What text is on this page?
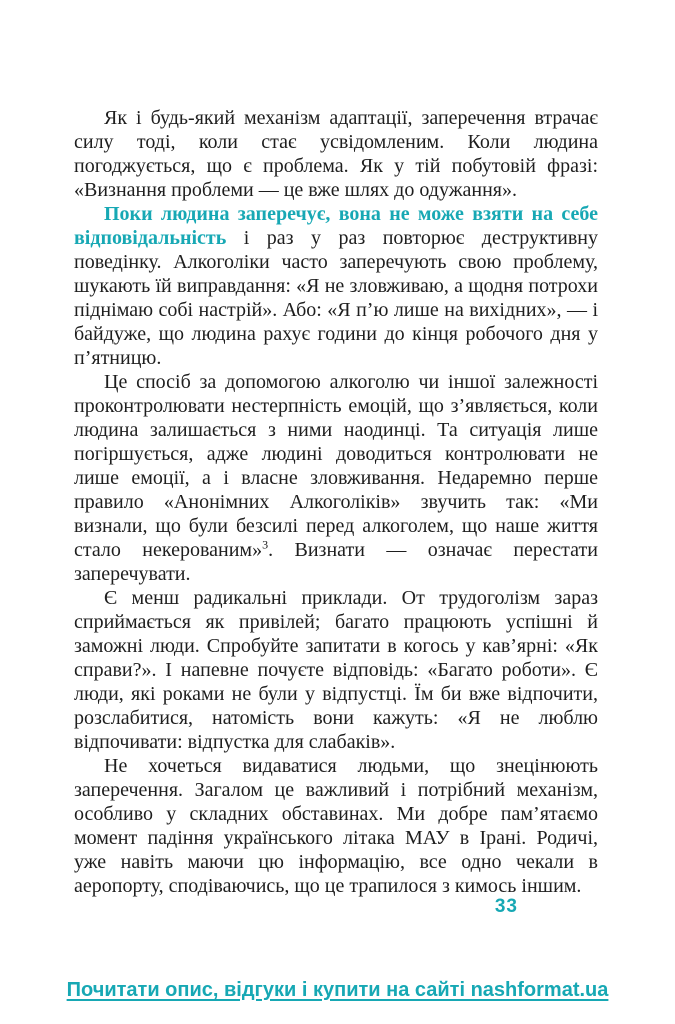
Як і будь-який механізм адаптації, заперечення втрачає силу тоді, коли стає усвідомленим. Коли людина погоджується, що є проблема. Як у тій побутовій фразі: «Визнання проблеми — це вже шлях до одужання».

Поки людина заперечує, вона не може взяти на себе відповідальність і раз у раз повторює деструктивну поведінку. Алкоголіки часто заперечують свою проблему, шукають їй виправдання: «Я не зловживаю, а щодня потрохи піднімаю собі настрій». Або: «Я п’ю лише на вихідних», — і байдуже, що людина рахує години до кінця робочого дня у п’ятницю.

Це спосіб за допомогою алкоголю чи іншої залежності проконтролювати нестерпність емоцій, що з’являється, коли людина залишається з ними наодинці. Та ситуація лише погіршується, адже людині доводиться контролювати не лише емоції, а і власне зловживання. Недаремно перше правило «Анонімних Алкоголіків» звучить так: «Ми визнали, що були безсилі перед алкоголем, що наше життя стало некерованим»$^3$. Визнати — означає перестати заперечувати.

Є менш радикальні приклади. От трудоголізм зараз сприймається як привілей; багато працюють успішні й заможні люди. Спробуйте запитати в когось у кав’ярні: «Як справи?». І напевне почуєте відповідь: «Багато роботи». Є люди, які роками не були у відпустці. Їм би вже відпочити, розслабитися, натомість вони кажуть: «Я не люблю відпочивати: відпустка для слабаків».

Не хочеться видаватися людьми, що знецінюють заперечення. Загалом це важливий і потрібний механізм, особливо у складних обставинах. Ми добре пам’ятаємо момент падіння українського літака МАУ в Ірані. Родичі, уже навіть маючи цю інформацію, все одно чекали в аеропорту, сподіваючись, що це трапилося з кимось іншим.

33
Почитати опис, відгуки і купити на сайті nashformat.ua
